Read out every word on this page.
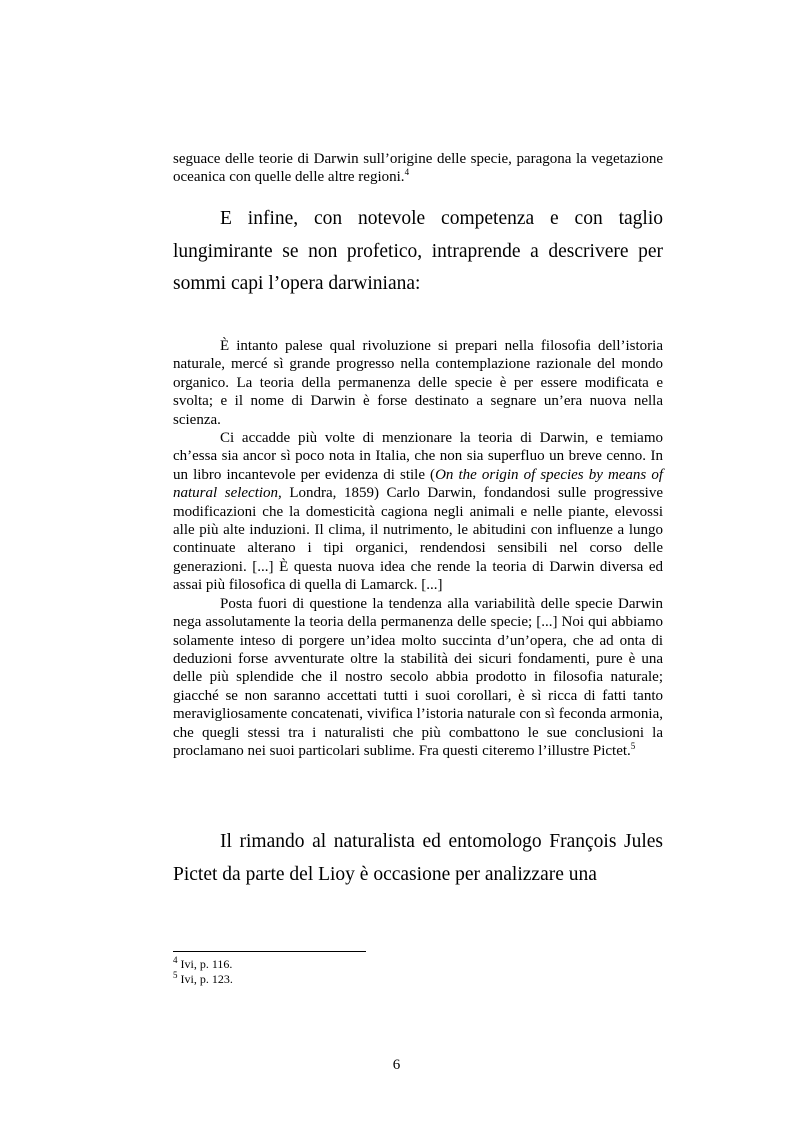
seguace delle teorie di Darwin sull’origine delle specie, paragona la vegetazione oceanica con quelle delle altre regioni.$^4$

E infine, con notevole competenza e con taglio lungimirante se non profetico, intraprende a descrivere per sommi capi l’opera darwiniana:

È intanto palese qual rivoluzione si prepari nella filosofia dell’istoria naturale, mercé sì grande progresso nella contemplazione razionale del mondo organico. La teoria della permanenza delle specie è per essere modificata e svolta; e il nome di Darwin è forse destinato a segnare un’era nuova nella scienza.

Ci accadde più volte di menzionare la teoria di Darwin, e temiamo ch’essa sia ancor sì poco nota in Italia, che non sia superfluo un breve cenno. In un libro incantevole per evidenza di stile (On the origin of species by means of natural selection, Londra, 1859) Carlo Darwin, fondandosi sulle progressive modificazioni che la domesticità cagiona negli animali e nelle piante, elevossi alle più alte induzioni. Il clima, il nutrimento, le abitudini con influenze a lungo continuate alterano i tipi organici, rendendosi sensibili nel corso delle generazioni. [...] È questa nuova idea che rende la teoria di Darwin diversa ed assai più filosofica di quella di Lamarck. [...]

Posta fuori di questione la tendenza alla variabilità delle specie Darwin nega assolutamente la teoria della permanenza delle specie; [...] Noi qui abbiamo solamente inteso di porgere un’idea molto succinta d’un’opera, che ad onta di deduzioni forse avventurate oltre la stabilità dei sicuri fondamenti, pure è una delle più splendide che il nostro secolo abbia prodotto in filosofia naturale; giacché se non saranno accettati tutti i suoi corollari, è sì ricca di fatti tanto meravigliosamente concatenati, vivifica l’istoria naturale con sì feconda armonia, che quegli stessi tra i naturalisti che più combattono le sue conclusioni la proclamano nei suoi particolari sublime. Fra questi citeremo l’illustre Pictet.$^5$

Il rimando al naturalista ed entomologo François Jules Pictet da parte del Lioy è occasione per analizzare una

$^4$ Ivi, p. 116.
$^5$ Ivi, p. 123.
6
